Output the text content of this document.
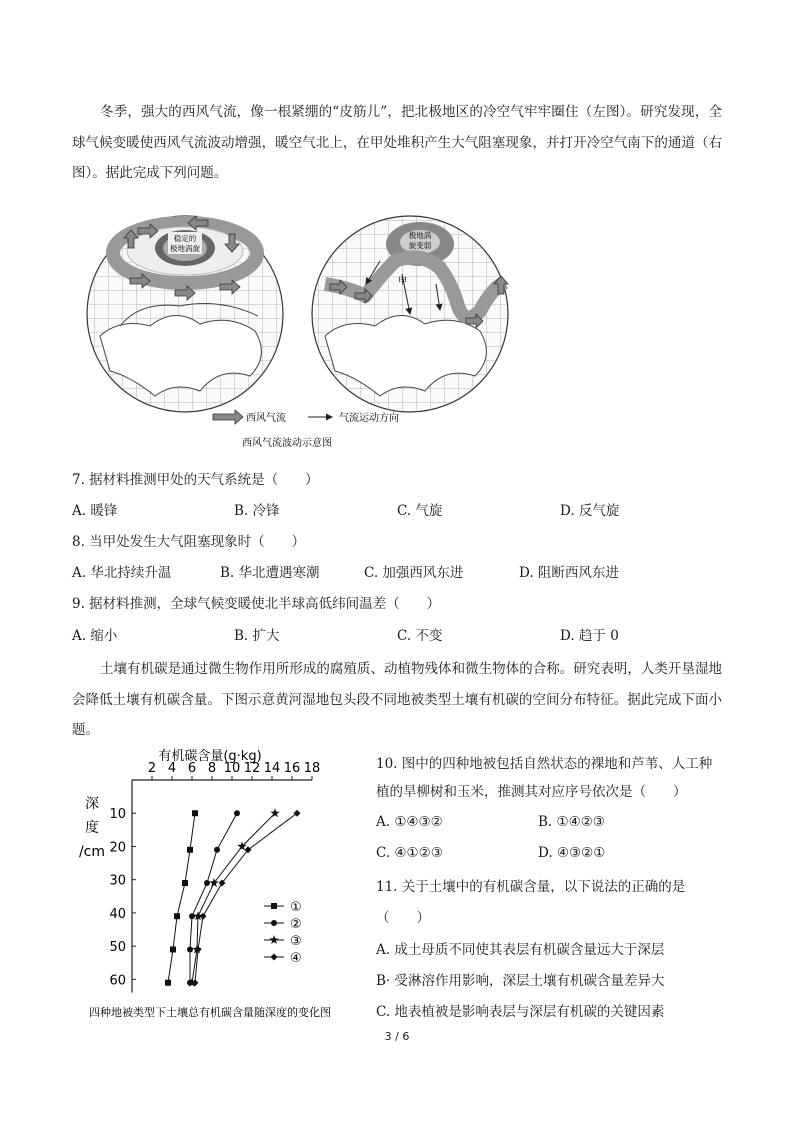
冬季，强大的西风气流，像一根紧绷的“皮筋儿”，把北极地区的冷空气牢牢圈住（左图）。研究发现，全球气候变暖使西风气流波动增强，暖空气北上，在甲处堆积产生大气阻塞现象，并打开冷空气南下的通道（右图）。据此完成下列问题。
稳定的
极地涡旋
极地涡
旋变弱
甲
西风气流	气流运动方向
西风气流波动示意图
7. 据材料推测甲处的天气系统是（　　）
A. 暖锋	B. 冷锋	C. 气旋	D. 反气旋
8. 当甲处发生大气阻塞现象时（　　）
A. 华北持续升温	B. 华北遭遇寒潮	C. 加强西风东进	D. 阻断西风东进
9. 据材料推测，全球气候变暖使北半球高低纬间温差（　　）
A. 缩小	B. 扩大	C. 不变	D. 趋于 0
土壤有机碳是通过微生物作用所形成的腐殖质、动植物残体和微生物体的合称。研究表明，人类开垦湿地会降低土壤有机碳含量。下图示意黄河湿地包头段不同地被类型土壤有机碳的空间分布特征。据此完成下面小题。
有机碳含量(g·kg)
深
度
/cm
2 4 6 8 10 12 14 16 18
10
20
30
40
50
60
①
②
③
④
四种地被类型下土壤总有机碳含量随深度的变化图
10. 图中的四种地被包括自然状态的裸地和芦苇、人工种
植的旱柳树和玉米，推测其对应序号依次是（　　）
A. ①④③②	B. ①④②③
C. ④①②③	D. ④③②①
11. 关于土壤中的有机碳含量，以下说法的正确的是
（　　）
A. 成土母质不同使其表层有机碳含量远大于深层
B· 受淋溶作用影响，深层土壤有机碳含量差异大
C. 地表植被是影响表层与深层有机碳的关键因素
3 / 6
